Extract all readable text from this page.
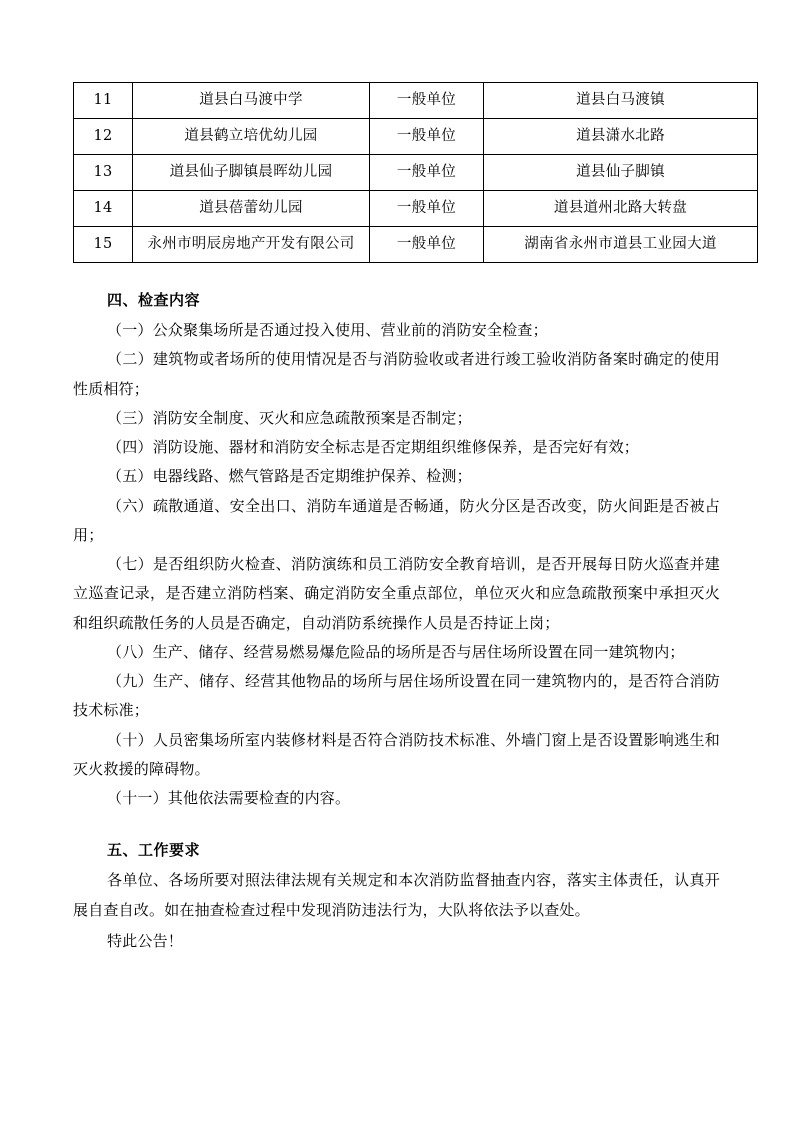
11	道县白马渡中学	一般单位	道县白马渡镇
12	道县鹤立培优幼儿园	一般单位	道县潇水北路
13	道县仙子脚镇晨晖幼儿园	一般单位	道县仙子脚镇
14	道县蓓蕾幼儿园	一般单位	道县道州北路大转盘
15	永州市明辰房地产开发有限公司	一般单位	湖南省永州市道县工业园大道
四、检查内容

（一）公众聚集场所是否通过投入使用、营业前的消防安全检查；

（二）建筑物或者场所的使用情况是否与消防验收或者进行竣工验收消防备案时确定的使用性质相符；

（三）消防安全制度、灭火和应急疏散预案是否制定；

（四）消防设施、器材和消防安全标志是否定期组织维修保养，是否完好有效；

（五）电器线路、燃气管路是否定期维护保养、检测；

（六）疏散通道、安全出口、消防车通道是否畅通，防火分区是否改变，防火间距是否被占用；

（七）是否组织防火检查、消防演练和员工消防安全教育培训，是否开展每日防火巡查并建立巡查记录，是否建立消防档案、确定消防安全重点部位，单位灭火和应急疏散预案中承担灭火和组织疏散任务的人员是否确定，自动消防系统操作人员是否持证上岗；

（八）生产、储存、经营易燃易爆危险品的场所是否与居住场所设置在同一建筑物内；

（九）生产、储存、经营其他物品的场所与居住场所设置在同一建筑物内的，是否符合消防技术标准；

（十）人员密集场所室内装修材料是否符合消防技术标准、外墙门窗上是否设置影响逃生和灭火救援的障碍物。

（十一）其他依法需要检查的内容。

五、工作要求

各单位、各场所要对照法律法规有关规定和本次消防监督抽查内容，落实主体责任，认真开展自查自改。如在抽查检查过程中发现消防违法行为，大队将依法予以查处。

特此公告！
